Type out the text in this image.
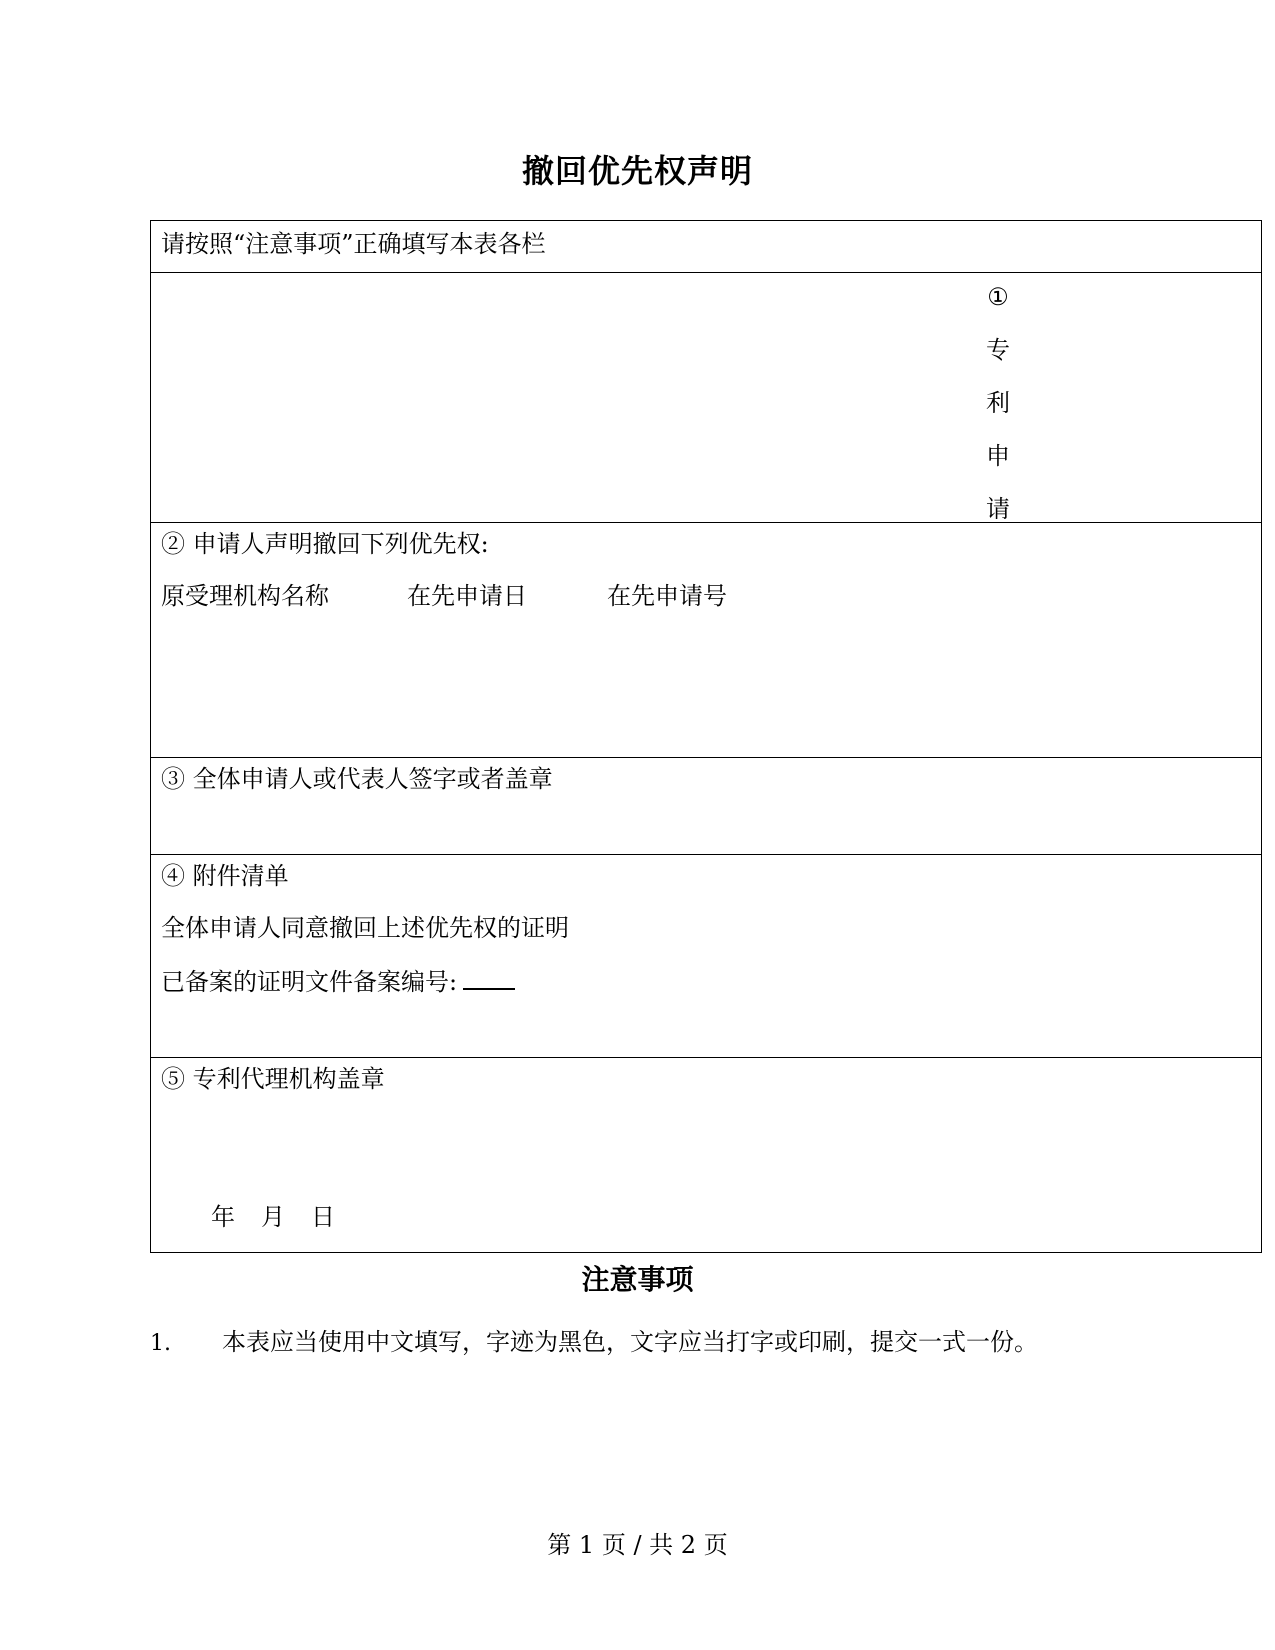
撤回优先权声明
请按照“注意事项”正确填写本表各栏
①
专
利
申
请
② 申请人声明撤回下列优先权:
原受理机构名称	在先申请日	在先申请号
③ 全体申请人或代表人签字或者盖章
④ 附件清单
全体申请人同意撤回上述优先权的证明
已备案的证明文件备案编号:
⑤ 专利代理机构盖章
年 月 日
注意事项
1. 本表应当使用中文填写，字迹为黑色，文字应当打字或印刷，提交一式一份。
第 1 页 / 共 2 页
